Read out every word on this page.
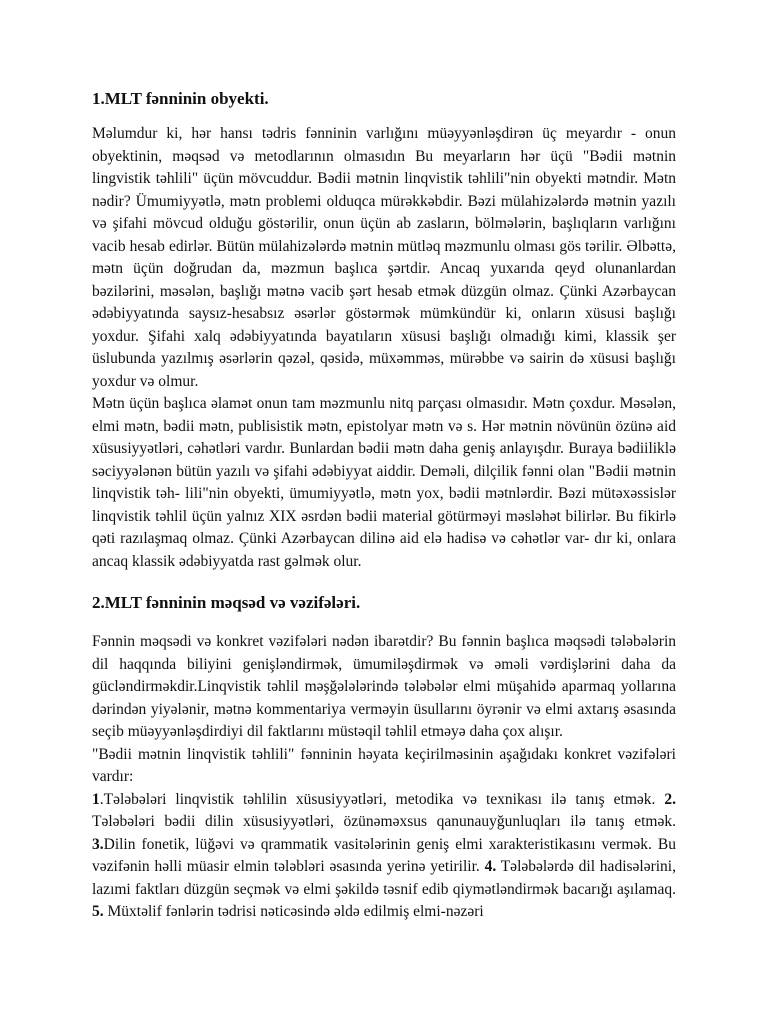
1.MLT fənninin obyekti.

Məlumdur ki, hər hansı tədris fənninin varlığını müəyyənləşdirən üç meyardır - onun obyektinin, məqsəd və metodlarının olmasıdın Bu meyarların hər üçü "Bədii mətnin lingvistik təhlili" üçün mövcuddur. Bədii mətnin linqvistik təhlili"nin obyekti mətndir. Mətn nədir? Ümumiyyətlə, mətn problemi olduqca mürəkkəbdir. Bəzi mülahizələrdə mətnin yazılı və şifahi mövcud olduğu göstərilir, onun üçün ab zasların, bölmələrin, başlıqların varlığını vacib hesab edirlər. Bütün mülahizələrdə mətnin mütləq məzmunlu olması gös tərilir. Əlbəttə, mətn üçün doğrudan da, məzmun başlıca şərtdir. Ancaq yuxarıda qeyd olunanlardan bəzilərini, məsələn, başlığı mətnə vacib şərt hesab etmək düzgün olmaz. Çünki Azərbaycan ədəbiyyatında saysız-hesabsız əsərlər göstərmək mümkündür ki, onların xüsusi başlığı yoxdur. Şifahi xalq ədəbiyyatında bayatıların xüsusi başlığı olmadığı kimi, klassik şer üslubunda yazılmış əsərlərin qəzəl, qəsidə, müxəmməs, mürəbbe və sairin də xüsusi başlığı yoxdur və olmur.

Mətn üçün başlıca əlamət onun tam məzmunlu nitq parçası olmasıdır. Mətn çoxdur. Məsələn, elmi mətn, bədii mətn, publisistik mətn, epistolyar mətn və s. Hər mətnin növünün özünə aid xüsusiyyətləri, cəhətləri vardır. Bunlardan bədii mətn daha geniş anlayışdır. Buraya bədiiliklə səciyyələnən bütün yazılı və şifahi ədəbiyyat aiddir. Deməli, dilçilik fənni olan "Bədii mətnin linqvistik təh- lili"nin obyekti, ümumiyyətlə, mətn yox, bədii mətnlərdir. Bəzi mütəxəssislər linqvistik təhlil üçün yalnız XIX əsrdən bədii material götürməyi məsləhət bilirlər. Bu fikirlə qəti razılaşmaq olmaz. Çünki Azərbaycan dilinə aid elə hadisə və cəhətlər var- dır ki, onlara ancaq klassik ədəbiyyatda rast gəlmək olur.

2.MLT fənninin məqsəd və vəzifələri.

Fənnin məqsədi və konkret vəzifələri nədən ibarətdir? Bu fənnin başlıca məqsədi tələbələrin dil haqqında biliyini genişləndirmək, ümumiləşdirmək və əməli vərdişlərini daha da gücləndirməkdir.Linqvistik təhlil məşğələlərində tələbələr elmi müşahidə aparmaq yollarına dərindən yiyələnir, mətnə kommentariya verməyin üsullarını öyrənir və elmi axtarış əsasında seçib müəyyənləşdirdiyi dil faktlarını müstəqil təhlil etməyə daha çox alışır.

"Bədii mətnin linqvistik təhlili" fənninin həyata keçirilməsinin aşağıdakı konkret vəzifələri vardır:

1.Tələbələri linqvistik təhlilin xüsusiyyətləri, metodika və texnikası ilə tanış etmək. 2. Tələbələri bədii dilin xüsusiyyətləri, özünəməxsus qanunauyğunluqları ilə tanış etmək. 3.Dilin fonetik, lüğəvi və qrammatik vasitələrinin geniş elmi xarakteristikasını vermək. Bu vəzifənin həlli müasir elmin tələbləri əsasında yerinə yetirilir. 4. Tələbələrdə dil hadisələrini, lazımi faktları düzgün seçmək və elmi şəkildə təsnif edib qiymətləndirmək bacarığı aşılamaq. 5. Müxtəlif fənlərin tədrisi nəticəsində əldə edilmiş elmi-nəzəri
